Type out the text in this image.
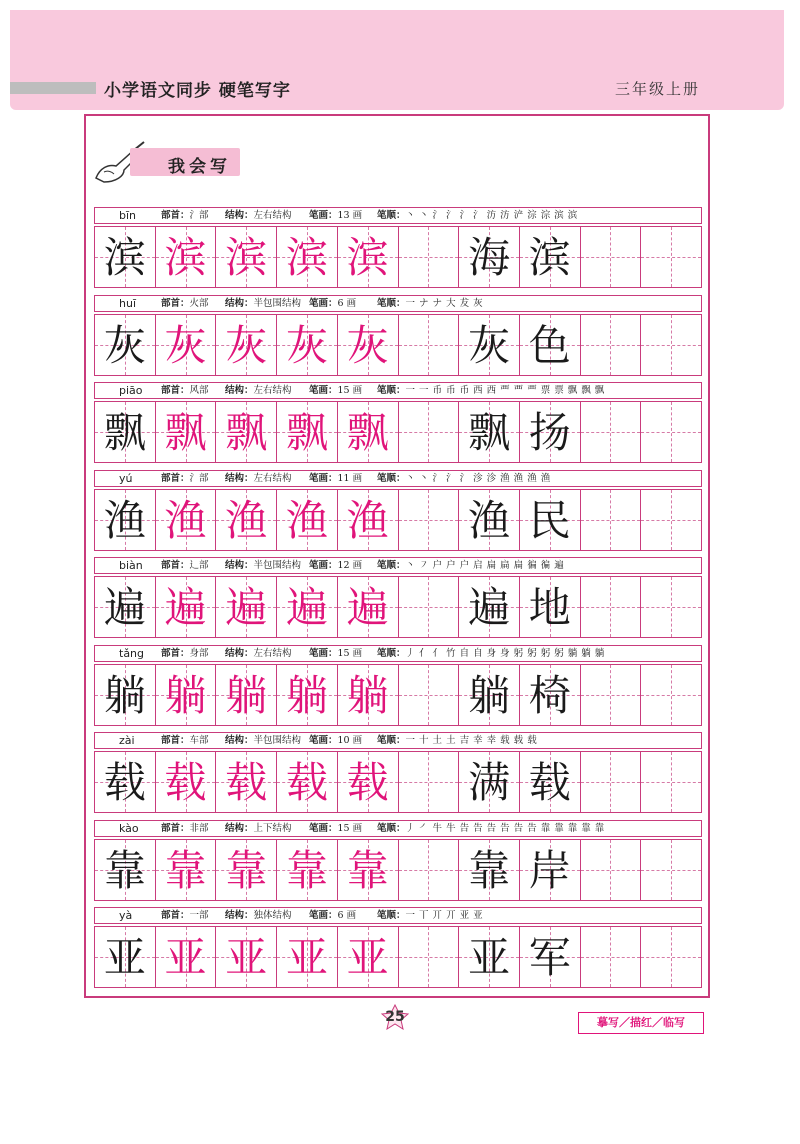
小学语文同步 硬笔写字	三年级上册
我会写
bīn	部首：氵部 结构：左右结构 笔画：13 画 笔顺：丶 丶 氵 氵 氵 氵 汸 汸 浐 淙 淙 滨 滨
滨 滨 滨 滨 滨 海 滨
huī	部首：火部 结构：半包围结构 笔画：6 画 笔顺：一 ナ ナ 大 犮 灰
灰 灰 灰 灰 灰 灰 色
piāo 部首：风部 结构：左右结构 笔画：15 画 笔顺：一 一 币 币 币 西 西 覀 覀 覀 票 票 飘 飘 飘
飘 飘 飘 飘 飘 飘 扬
yú	部首：氵部 结构：左右结构 笔画：11 画 笔顺：丶 丶 氵 氵 氵 沴 沴 渔 渔 渔 渔
渔 渔 渔 渔 渔 渔 民
biàn 部首：辶部 结构：半包围结构 笔画：12 画 笔顺：丶 ㇇ 户 户 户 启 扁 扁 扁 徧 徧 遍
遍 遍 遍 遍 遍 遍 地
tǎng 部首：身部 结构：左右结构 笔画：15 画 笔顺：丿 亻 亻 竹 自 自 身 身 躬 躬 躬 躬 躺 躺 躺
躺 躺 躺 躺 躺 躺 椅
zài	部首：车部 结构：半包围结构 笔画：10 画 笔顺：一 十 土 土 吉 幸 幸 载 载 载
载 载 载 载 载 满 载
kào 部首：非部 结构：上下结构 笔画：15 画 笔顺：丿 ㇒ 牛 牛 告 告 告 告 告 告 靠 靠 靠 靠 靠
靠 靠 靠 靠 靠 靠 岸
yà	部首：一部 结构：独体结构 笔画：6 画 笔顺：一 丅 丌 丌 亚 亚
亚 亚 亚 亚 亚 亚 军
25	摹写／描红／临写
